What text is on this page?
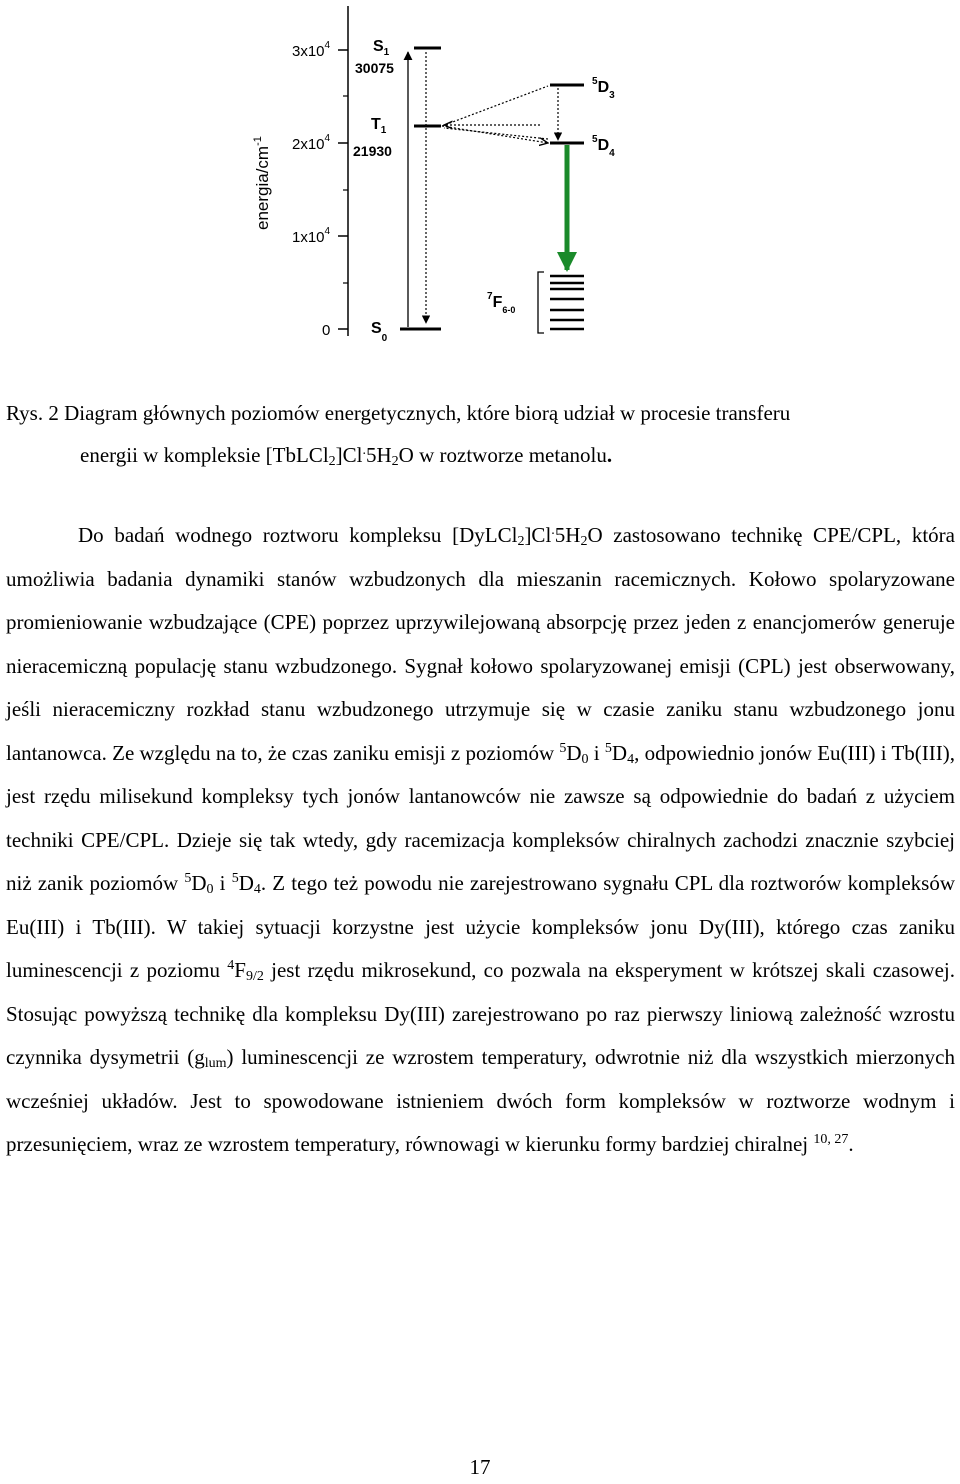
energia/$cm^{-1}$
$3x10^4$
$2x10^4$
$1x10^4$
0
$S_1$
30075
$T_1$
21930
$S_0$
$^5D_3$
$^5D_4$
$^7F_{6-0}$
Rys. 2 Diagram głównych poziomów energetycznych, które biorą udział w procesie transferu
energii w kompleksie $[TbLCl_2]Cl^.5H_2O$ w roztworze metanolu.
Do badań wodnego roztworu kompleksu $[DyLCl_2]Cl^.5H_2O$ zastosowano technikę CPE/CPL, która umożliwia badania dynamiki stanów wzbudzonych dla mieszanin racemicznych. Kołowo spolaryzowane promieniowanie wzbudzające (CPE) poprzez uprzywilejowaną absorpcję przez jeden z enancjomerów generuje nieracemiczną populację stanu wzbudzonego. Sygnał kołowo spolaryzowanej emisji (CPL) jest obserwowany, jeśli nieracemiczny rozkład stanu wzbudzonego utrzymuje się w czasie zaniku stanu wzbudzonego jonu lantanowca. Ze względu na to, że czas zaniku emisji z poziomów $^5D_0$ i $^5D_4$, odpowiednio jonów Eu(III) i Tb(III), jest rzędu milisekund kompleksy tych jonów lantanowców nie zawsze są odpowiednie do badań z użyciem techniki CPE/CPL. Dzieje się tak wtedy, gdy racemizacja kompleksów chiralnych zachodzi znacznie szybciej niż zanik poziomów $^5D_0$ i $^5D_4$. Z tego też powodu nie zarejestrowano sygnału CPL dla roztworów kompleksów Eu(III) i Tb(III). W takiej sytuacji korzystne jest użycie kompleksów jonu Dy(III), którego czas zaniku luminescencji z poziomu $^4F_{9/2}$ jest rzędu mikrosekund, co pozwala na eksperyment w krótszej skali czasowej. Stosując powyższą technikę dla kompleksu Dy(III) zarejestrowano po raz pierwszy liniową zależność wzrostu czynnika dysymetrii $(g_{lum})$ luminescencji ze wzrostem temperatury, odwrotnie niż dla wszystkich mierzonych wcześniej układów. Jest to spowodowane istnieniem dwóch form kompleksów w roztworze wodnym i przesunięciem, wraz ze wzrostem temperatury, równowagi w kierunku formy bardziej chiralnej $^{10, 27}$.
17
